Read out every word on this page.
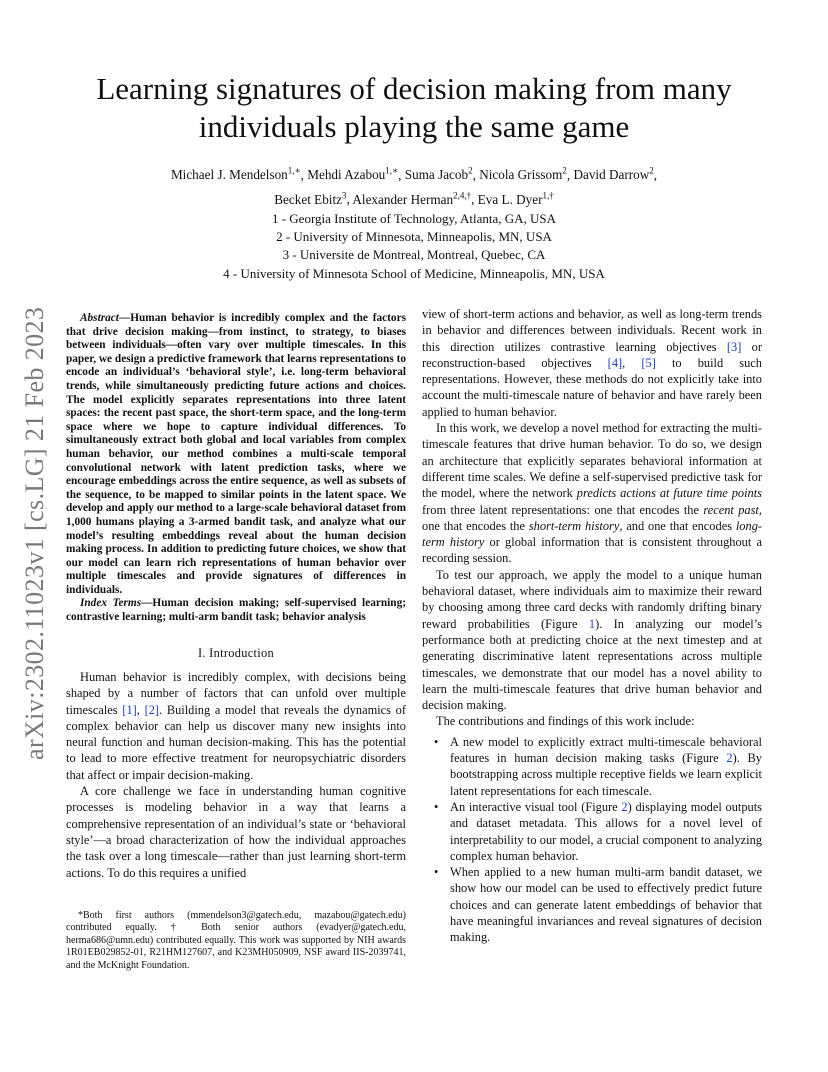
arXiv:2302.11023v1 [cs.LG] 21 Feb 2023
Learning signatures of decision making from many individuals playing the same game
Michael J. Mendelson$^{1,∗}$, Mehdi Azabou$^{1,∗}$, Suma Jacob$^2$, Nicola Grissom$^2$, David Darrow$^2$,
Becket Ebitz$^3$, Alexander Herman$^{2,4,\dagger}$, Eva L. Dyer$^{1,\dagger}$
1 - Georgia Institute of Technology, Atlanta, GA, USA
2 - University of Minnesota, Minneapolis, MN, USA
3 - Universite de Montreal, Montreal, Quebec, CA
4 - University of Minnesota School of Medicine, Minneapolis, MN, USA

Abstract—Human behavior is incredibly complex and the factors that drive decision making—from instinct, to strategy, to biases between individuals—often vary over multiple timescales. In this paper, we design a predictive framework that learns representations to encode an individual’s ‘behavioral style’, i.e. long-term behavioral trends, while simultaneously predicting future actions and choices. The model explicitly separates representations into three latent spaces: the recent past space, the short-term space, and the long-term space where we hope to capture individual differences. To simultaneously extract both global and local variables from complex human behavior, our method combines a multi-scale temporal convolutional network with latent prediction tasks, where we encourage embeddings across the entire sequence, as well as subsets of the sequence, to be mapped to similar points in the latent space. We develop and apply our method to a large-scale behavioral dataset from 1,000 humans playing a 3-armed bandit task, and analyze what our model’s resulting embeddings reveal about the human decision making process. In addition to predicting future choices, we show that our model can learn rich representations of human behavior over multiple timescales and provide signatures of differences in individuals.

Index Terms—Human decision making; self-supervised learning; contrastive learning; multi-arm bandit task; behavior analysis

I. Introduction

Human behavior is incredibly complex, with decisions being shaped by a number of factors that can unfold over multiple timescales [ 1 ] , [ 2 ] . Building a model that reveals the dynamics of complex behavior can help us discover many new insights into neural function and human decision-making. This has the potential to lead to more effective treatment for neuropsychiatric disorders that affect or impair decision-making.

A core challenge we face in understanding human cognitive processes is modeling behavior in a way that learns a comprehensive representation of an individual’s state or ‘behavioral style’—a broad characterization of how the individual approaches the task over a long timescale—rather than just learning short-term actions. To do this requires a unified

*Both first authors (mmendelson3@gatech.edu, mazabou@gatech.edu) contributed equally. † Both senior authors (evadyer@gatech.edu, herma686@umn.edu) contributed equally. This work was supported by NIH awards 1R01EB029852-01, R21HM127607, and K23MH050909, NSF award IIS-2039741, and the McKnight Foundation.

view of short-term actions and behavior, as well as long-term trends in behavior and differences between individuals. Recent work in this direction utilizes contrastive learning objectives [ 3 ] or reconstruction-based objectives [ 4 ] , [ 5 ] to build such representations. However, these methods do not explicitly take into account the multi-timescale nature of behavior and have rarely been applied to human behavior.

In this work, we develop a novel method for extracting the multi-timescale features that drive human behavior. To do so, we design an architecture that explicitly separates behavioral information at different time scales. We define a self-supervised predictive task for the model, where the network predicts actions at future time points from three latent representations: one that encodes the recent past, one that encodes the short-term history, and one that encodes long-term history or global information that is consistent throughout a recording session.

To test our approach, we apply the model to a unique human behavioral dataset, where individuals aim to maximize their reward by choosing among three card decks with randomly drifting binary reward probabilities (Figure 1). In analyzing our model’s performance both at predicting choice at the next timestep and at generating discriminative latent representations across multiple timescales, we demonstrate that our model has a novel ability to learn the multi-timescale features that drive human behavior and decision making.

The contributions and findings of this work include:

• A new model to explicitly extract multi-timescale behavioral features in human decision making tasks (Figure 2). By bootstrapping across multiple receptive fields we learn explicit latent representations for each timescale.
• An interactive visual tool (Figure 2) displaying model outputs and dataset metadata. This allows for a novel level of interpretability to our model, a crucial component to analyzing complex human behavior.
• When applied to a new human multi-arm bandit dataset, we show how our model can be used to effectively predict future choices and can generate latent embeddings of behavior that have meaningful invariances and reveal signatures of decision making.
